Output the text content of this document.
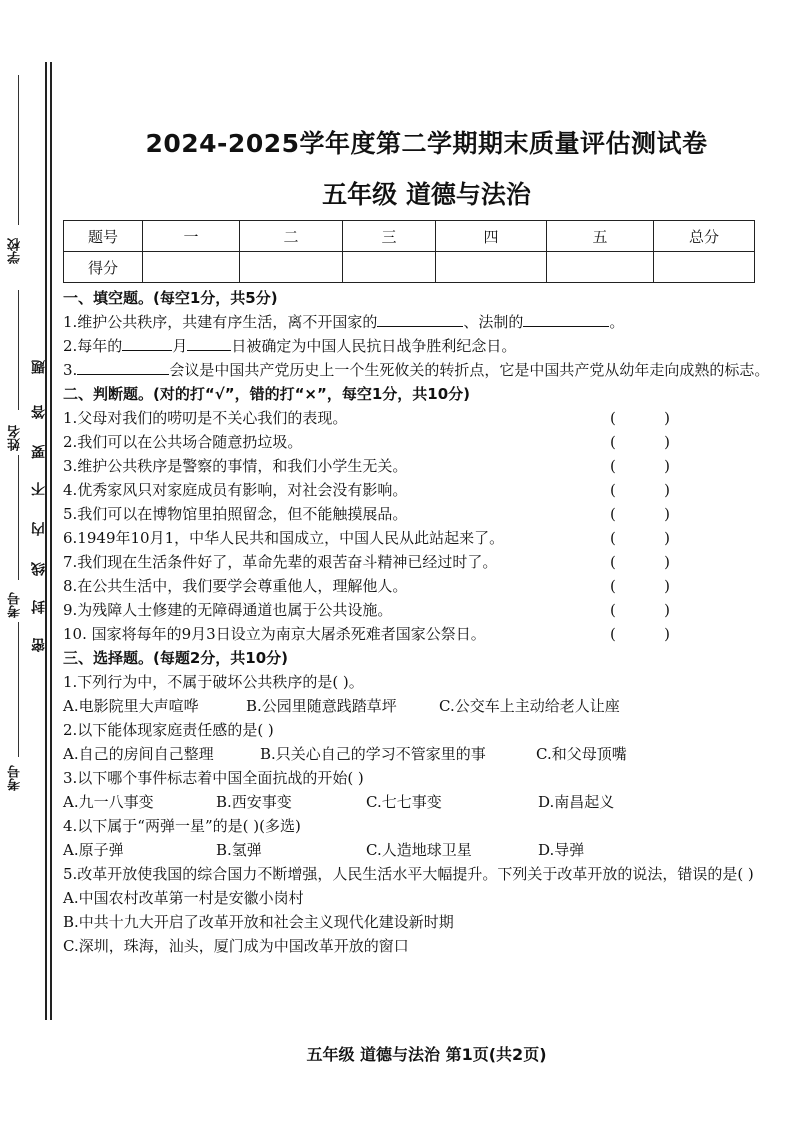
学校
姓名
考号
考号
题
答
要
不
内
线
封
密
2024-2025学年度第二学期期末质量评估测试卷
五年级 道德与法治
题号	一	二	三	四	五	总分
得分						
一、填空题。(每空1分，共5分)
1.维护公共秩序，共建有序生活，离不开国家的	、法制的	。
2.每年的	月	日被确定为中国人民抗日战争胜利纪念日。
3.	会议是中国共产党历史上一个生死攸关的转折点，它是中国共产党从幼年走向成熟的标志。
二、判断题。(对的打“√”，错的打“×”，每空1分，共10分)
1.父母对我们的唠叨是不关心我们的表现。	(	)
2.我们可以在公共场合随意扔垃圾。	(	)
3.维护公共秩序是警察的事情，和我们小学生无关。	(	)
4.优秀家风只对家庭成员有影响，对社会没有影响。	(	)
5.我们可以在博物馆里拍照留念，但不能触摸展品。	(	)
6.1949年10月1，中华人民共和国成立，中国人民从此站起来了。	(	)
7.我们现在生活条件好了，革命先辈的艰苦奋斗精神已经过时了。	(	)
8.在公共生活中，我们要学会尊重他人，理解他人。	(	)
9.为残障人士修建的无障碍通道也属于公共设施。	(	)
10. 国家将每年的9月3日设立为南京大屠杀死难者国家公祭日。	(	)
三、选择题。(每题2分，共10分)
1.下列行为中，不属于破坏公共秩序的是( )。
A.电影院里大声喧哗	B.公园里随意践踏草坪	C.公交车上主动给老人让座
2.以下能体现家庭责任感的是( )
A.自己的房间自己整理	B.只关心自己的学习不管家里的事	C.和父母顶嘴
3.以下哪个事件标志着中国全面抗战的开始( )
A.九一八事变	B.西安事变	C.七七事变	D.南昌起义
4.以下属于“两弹一星”的是( )(多选)
A.原子弹	B.氢弹	C.人造地球卫星	D.导弹
5.改革开放使我国的综合国力不断增强，人民生活水平大幅提升。下列关于改革开放的说法，错误的是( )
A.中国农村改革第一村是安徽小岗村
B.中共十九大开启了改革开放和社会主义现代化建设新时期
C.深圳，珠海，汕头，厦门成为中国改革开放的窗口
五年级 道德与法治 第1页(共2页)
